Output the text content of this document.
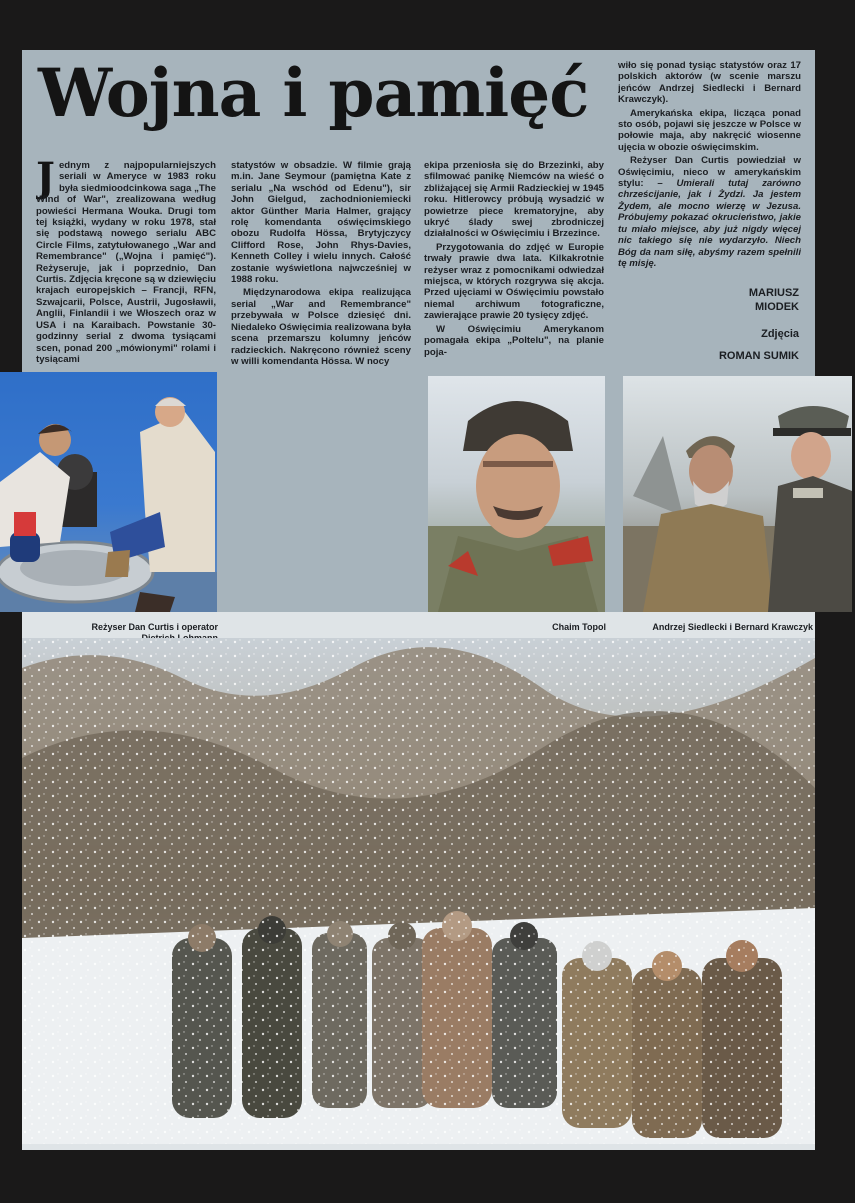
Wojna i pamięć

Jednym z najpopularniejszych seriali w Ameryce w 1983 roku była siedmioodcinkowa saga „The Wind of War", zrealizowana według powieści Hermana Wouka. Drugi tom tej książki, wydany w roku 1978, stał się podstawą nowego serialu ABC Circle Films, zatytułowanego „War and Remembrance" („Wojna i pamięć"). Reżyseruje, jak i poprzednio, Dan Curtis. Zdjęcia kręcone są w dziewięciu krajach europejskich – Francji, RFN, Szwajcarii, Polsce, Austrii, Jugosławii, Anglii, Finlandii i we Włoszech oraz w USA i na Karaibach. Powstanie 30-godzinny serial z dwoma tysiącami scen, ponad 200 „mówionymi" rolami i tysiącami

statystów w obsadzie. W filmie grają m.in. Jane Seymour (pamiętna Kate z serialu „Na wschód od Edenu"), sir John Gielgud, zachodnioniemiecki aktor Günther Maria Halmer, grający rolę komendanta oświęcimskiego obozu Rudolfa Hössa, Brytyjczycy Clifford Rose, John Rhys-Davies, Kenneth Colley i wielu innych. Całość zostanie wyświetlona najwcześniej w 1988 roku.

Międzynarodowa ekipa realizująca serial „War and Remembrance" przebywała w Polsce dziesięć dni. Niedaleko Oświęcimia realizowana była scena przemarszu kolumny jeńców radzieckich. Nakręcono również sceny w willi komendanta Hössa. W nocy

ekipa przeniosła się do Brzezinki, aby sfilmować panikę Niemców na wieść o zbliżającej się Armii Radzieckiej w 1945 roku. Hitlerowcy próbują wysadzić w powietrze piece krematoryjne, aby ukryć ślady swej zbrodniczej działalności w Oświęcimiu i Brzezince.

Przygotowania do zdjęć w Europie trwały prawie dwa lata. Kilkakrotnie reżyser wraz z pomocnikami odwiedzał miejsca, w których rozgrywa się akcja. Przed ujęciami w Oświęcimiu powstało niemal archiwum fotograficzne, zawierające prawie 20 tysięcy zdjęć.

W Oświęcimiu Amerykanom pomagała ekipa „Poltelu", na planie poja-

wiło się ponad tysiąc statystów oraz 17 polskich aktorów (w scenie marszu jeńców Andrzej Siedlecki i Bernard Krawczyk).

Amerykańska ekipa, licząca ponad sto osób, pojawi się jeszcze w Polsce w połowie maja, aby nakręcić wiosenne ujęcia w obozie oświęcimskim.

Reżyser Dan Curtis powiedział w Oświęcimiu, nieco w amerykańskim stylu: – Umierali tutaj zarówno chrześcijanie, jak i Żydzi. Ja jestem Żydem, ale mocno wierzę w Jezusa. Próbujemy pokazać okrucieństwo, jakie tu miało miejsce, aby już nigdy więcej nic takiego się nie wydarzyło. Niech Bóg da nam siłę, abyśmy razem spełnili tę misję.

MARIUSZ
MIODEK
Zdjęcia
ROMAN SUMIK
Reżyser Dan Curtis i operator	Chaim Topol	Andrzej Siedlecki i Bernard Krawczyk
